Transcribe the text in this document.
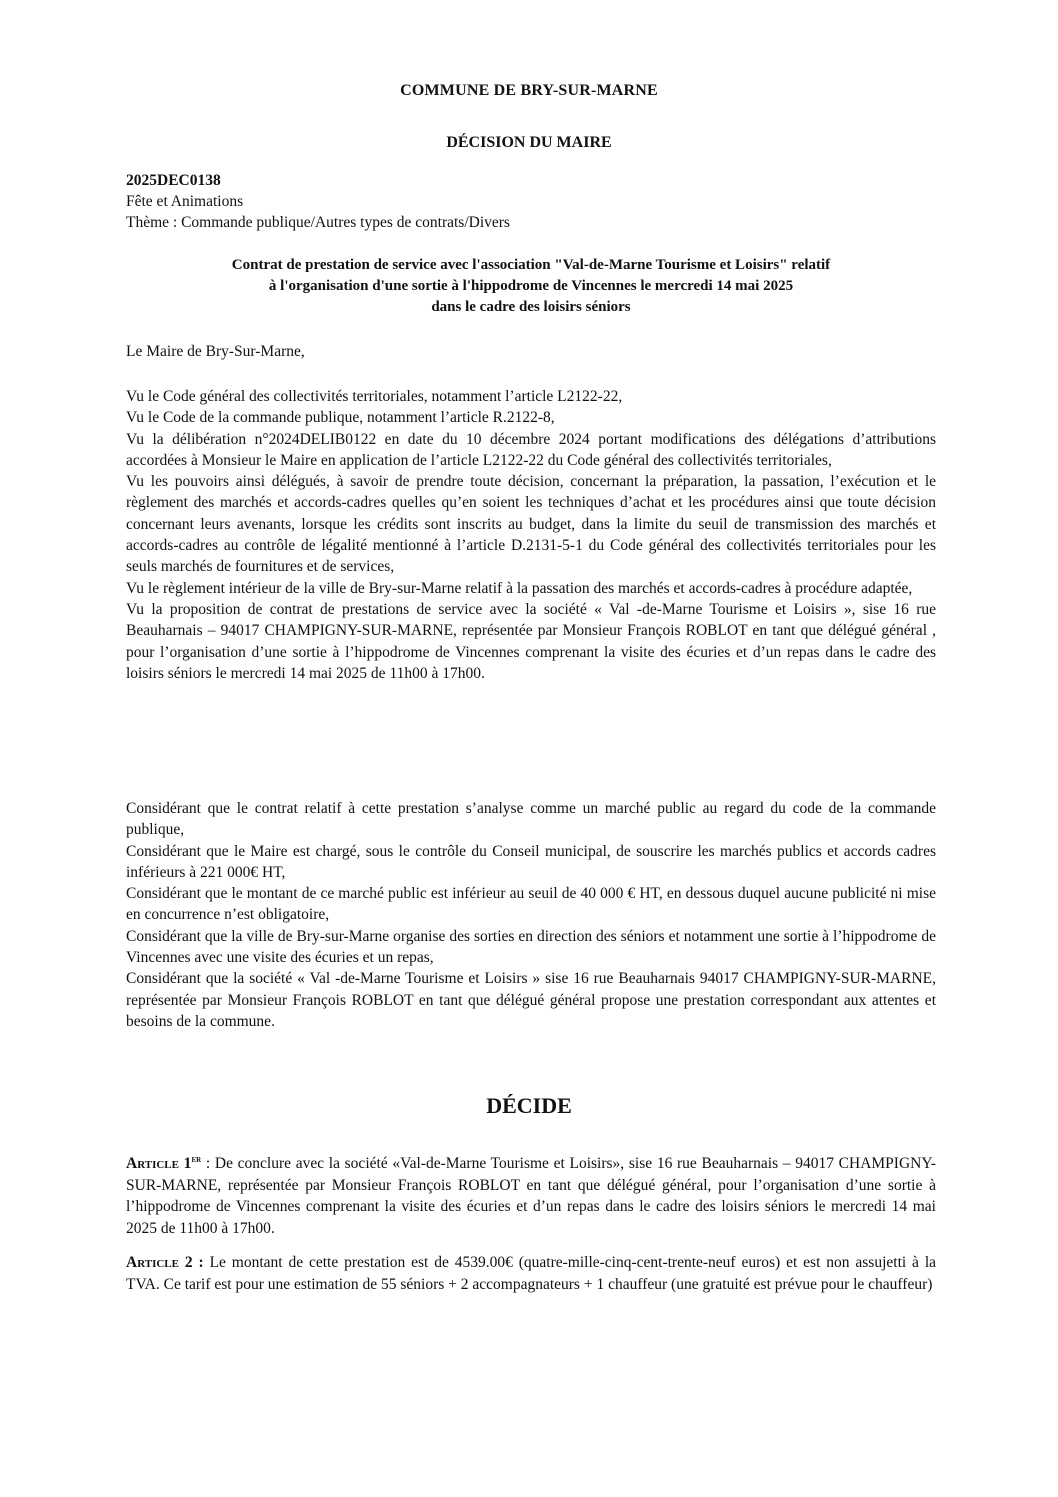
COMMUNE DE BRY-SUR-MARNE
DÉCISION DU MAIRE
2025DEC0138
Fête et Animations
Thème : Commande publique/Autres types de contrats/Divers
Contrat de prestation de service avec l'association "Val-de-Marne Tourisme et Loisirs" relatif
à l'organisation d'une sortie à l'hippodrome de Vincennes le mercredi 14 mai 2025
dans le cadre des loisirs séniors
Le Maire de Bry-Sur-Marne,

Vu le Code général des collectivités territoriales, notamment l’article L2122-22,

Vu le Code de la commande publique, notamment l’article R.2122-8,

Vu la délibération n°2024DELIB0122 en date du 10 décembre 2024 portant modifications des délégations d’attributions accordées à Monsieur le Maire en application de l’article L2122-22 du Code général des collectivités territoriales,

Vu les pouvoirs ainsi délégués, à savoir de prendre toute décision, concernant la préparation, la passation, l’exécution et le règlement des marchés et accords-cadres quelles qu’en soient les techniques d’achat et les procédures ainsi que toute décision concernant leurs avenants, lorsque les crédits sont inscrits au budget, dans la limite du seuil de transmission des marchés et accords-cadres au contrôle de légalité mentionné à l’article D.2131-5-1 du Code général des collectivités territoriales pour les seuls marchés de fournitures et de services,

Vu le règlement intérieur de la ville de Bry-sur-Marne relatif à la passation des marchés et accords-cadres à procédure adaptée,

Vu la proposition de contrat de prestations de service avec la société « Val -de-Marne Tourisme et Loisirs », sise 16 rue Beauharnais – 94017 CHAMPIGNY-SUR-MARNE, représentée par Monsieur François ROBLOT en tant que délégué général , pour l’organisation d’une sortie à l’hippodrome de Vincennes comprenant la visite des écuries et d’un repas dans le cadre des loisirs séniors le mercredi 14 mai 2025 de 11h00 à 17h00.

Considérant que le contrat relatif à cette prestation s’analyse comme un marché public au regard du code de la commande publique,

Considérant que le Maire est chargé, sous le contrôle du Conseil municipal, de souscrire les marchés publics et accords cadres inférieurs à 221 000€ HT,

Considérant que le montant de ce marché public est inférieur au seuil de 40 000 € HT, en dessous duquel aucune publicité ni mise en concurrence n’est obligatoire,

Considérant que la ville de Bry-sur-Marne organise des sorties en direction des séniors et notamment une sortie à l’hippodrome de Vincennes avec une visite des écuries et un repas,

Considérant que la société « Val -de-Marne Tourisme et Loisirs » sise 16 rue Beauharnais 94017 CHAMPIGNY-SUR-MARNE, représentée par Monsieur François ROBLOT en tant que délégué général propose une prestation correspondant aux attentes et besoins de la commune.

DÉCIDE
Article 1er : De conclure avec la société «Val-de-Marne Tourisme et Loisirs», sise 16 rue Beauharnais – 94017 CHAMPIGNY-SUR-MARNE, représentée par Monsieur François ROBLOT en tant que délégué général, pour l’organisation d’une sortie à l’hippodrome de Vincennes comprenant la visite des écuries et d’un repas dans le cadre des loisirs séniors le mercredi 14 mai 2025 de 11h00 à 17h00.
Article 2 : Le montant de cette prestation est de 4539.00€ (quatre-mille-cinq-cent-trente-neuf euros) et est non assujetti à la TVA. Ce tarif est pour une estimation de 55 séniors + 2 accompagnateurs + 1 chauffeur (une gratuité est prévue pour le chauffeur)
